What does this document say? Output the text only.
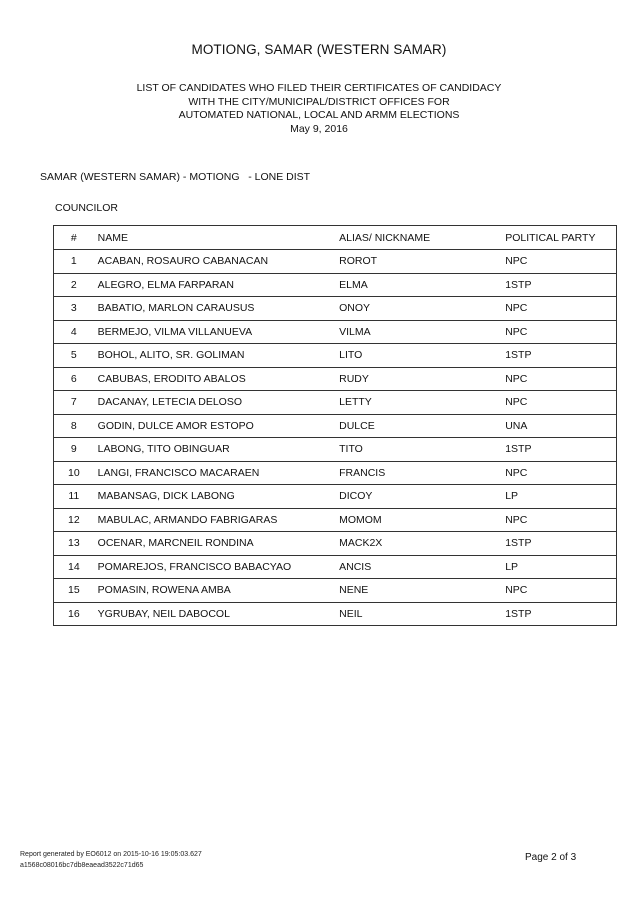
MOTIONG, SAMAR (WESTERN SAMAR)
LIST OF CANDIDATES WHO FILED THEIR CERTIFICATES OF CANDIDACY
WITH THE CITY/MUNICIPAL/DISTRICT OFFICES FOR
AUTOMATED NATIONAL, LOCAL AND ARMM ELECTIONS
May 9, 2016
SAMAR (WESTERN SAMAR) - MOTIONG   - LONE DIST
COUNCILOR
#	NAME	ALIAS/ NICKNAME	POLITICAL PARTY
1	ACABAN, ROSAURO CABANACAN	ROROT	NPC
2	ALEGRO, ELMA FARPARAN	ELMA	1STP
3	BABATIO, MARLON CARAUSUS	ONOY	NPC
4	BERMEJO, VILMA VILLANUEVA	VILMA	NPC
5	BOHOL, ALITO, SR. GOLIMAN	LITO	1STP
6	CABUBAS, ERODITO ABALOS	RUDY	NPC
7	DACANAY, LETECIA DELOSO	LETTY	NPC
8	GODIN, DULCE AMOR ESTOPO	DULCE	UNA
9	LABONG, TITO OBINGUAR	TITO	1STP
10	LANGI, FRANCISCO MACARAEN	FRANCIS	NPC
11	MABANSAG, DICK LABONG	DICOY	LP
12	MABULAC, ARMANDO FABRIGARAS	MOMOM	NPC
13	OCENAR, MARCNEIL RONDINA	MACK2X	1STP
14	POMAREJOS, FRANCISCO BABACYAO	ANCIS	LP
15	POMASIN, ROWENA AMBA	NENE	NPC
16	YGRUBAY, NEIL DABOCOL	NEIL	1STP
Report generated by EO6012 on 2015-10-16 19:05:03.627
a1568c08016bc7db8eaead3522c71d65
Page 2 of 3
